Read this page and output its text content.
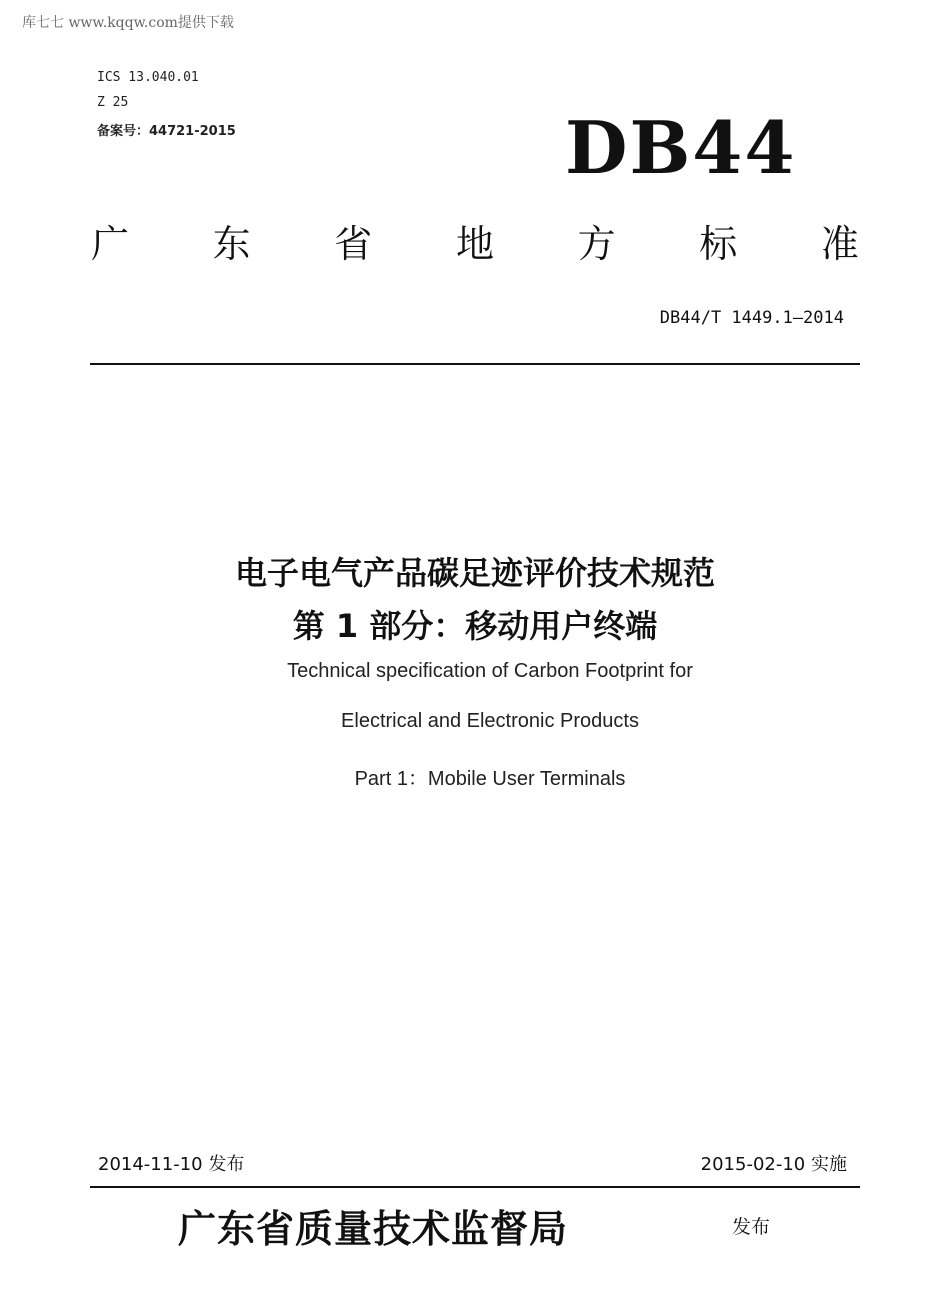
库七七 www.kqqw.com提供下载
ICS 13.040.01
Z 25
备案号：44721-2015	DB44
广 东 省 地 方 标 准
DB44/T 1449.1—2014
电子电气产品碳足迹评价技术规范
第 1 部分：移动用户终端
Technical specification of Carbon Footprint for
Electrical and Electronic Products
Part 1：Mobile User Terminals
2014-11-10 发布	2015-02-10 实施
广东省质量技术监督局	发布
